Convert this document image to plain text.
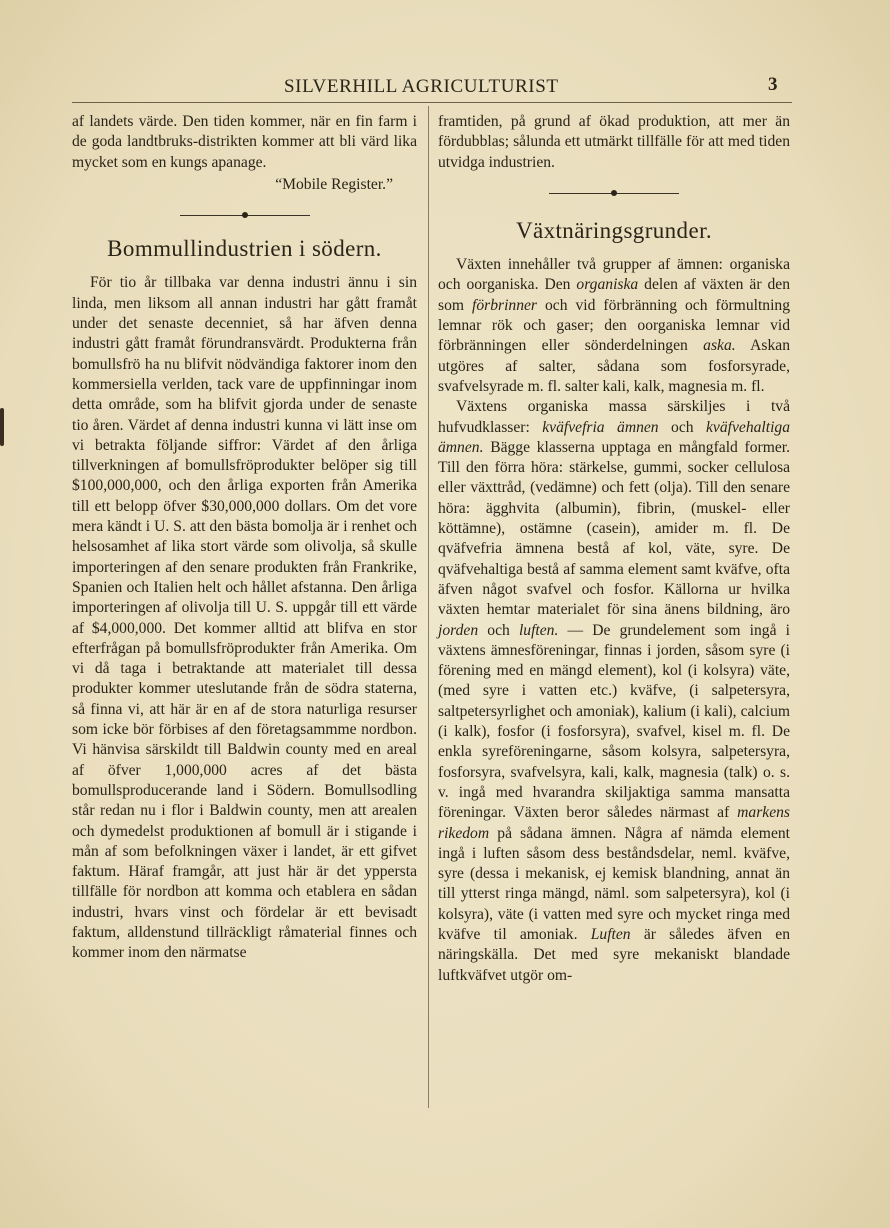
SILVERHILL AGRICULTURIST	3

af landets värde. Den tiden kommer, när en fin farm i de goda landtbruks-distrikten kommer att bli värd lika mycket som en kungs apanage.

“Mobile Register.”
Bommullindustrien i södern.

För tio år tillbaka var denna industri ännu i sin linda, men liksom all annan industri har gått framåt under det senaste decenniet, så har äfven denna industri gått framåt förundransvärdt. Produkterna från bomullsfrö ha nu blifvit nödvändiga faktorer inom den kommersiella verlden, tack vare de uppfinningar inom detta område, som ha blifvit gjorda under de senaste tio åren. Värdet af denna industri kunna vi lätt inse om vi betrakta följande siffror: Värdet af den årliga tillverkningen af bomullsfröprodukter belöper sig till $100,000,000, och den årliga exporten från Amerika till ett belopp öfver $30,000,000 dollars. Om det vore mera kändt i U. S. att den bästa bomolja är i renhet och helsosamhet af lika stort värde som olivolja, så skulle importeringen af den senare produkten från Frankrike, Spanien och Italien helt och hållet afstanna. Den årliga importeringen af olivolja till U. S. uppgår till ett värde af $4,000,000. Det kommer alltid att blifva en stor efterfrågan på bomullsfröprodukter från Amerika. Om vi då taga i betraktande att materialet till dessa produkter kommer uteslutande från de södra staterna, så finna vi, att här är en af de stora naturliga resurser som icke bör förbises af den företagsammme nordbon. Vi hänvisa särskildt till Baldwin county med en areal af öfver 1,000,000 acres af det bästa bomullsproducerande land i Södern. Bomullsodling står redan nu i flor i Baldwin county, men att arealen och dymedelst produktionen af bomull är i stigande i mån af som befolkningen växer i landet, är ett gifvet faktum. Häraf framgår, att just här är det yppersta tillfälle för nordbon att komma och etablera en sådan industri, hvars vinst och fördelar är ett bevisadt faktum, alldenstund tillräckligt råmaterial finnes och kommer inom den närmatse

framtiden, på grund af ökad produktion, att mer än fördubblas; sålunda ett utmärkt tillfälle för att med tiden utvidga industrien.

Växtnäringsgrunder.

Växten innehåller två grupper af ämnen: organiska och oorganiska. Den organiska delen af växten är den som förbrinner och vid förbränning och förmultning lemnar rök och gaser; den oorganiska lemnar vid förbränningen eller sönderdelningen aska. Askan utgöres af salter, sådana som fosforsyrade, svafvelsyrade m. fl. salter kali, kalk, magnesia m. fl.

Växtens organiska massa särskiljes i två hufvudklasser: kväfvefria ämnen och kväfvehaltiga ämnen. Bägge klasserna upptaga en mångfald former. Till den förra höra: stärkelse, gummi, socker cellulosa eller växttråd, (vedämne) och fett (olja). Till den senare höra: ägghvita (albumin), fibrin, (muskel- eller köttämne), ostämne (casein), amider m. fl. De qväfvefria ämnena bestå af kol, väte, syre. De qväfvehaltiga bestå af samma element samt kväfve, ofta äfven något svafvel och fosfor. Källorna ur hvilka växten hemtar materialet för sina änens bildning, äro jorden och luften. — De grundelement som ingå i växtens ämnesföreningar, finnas i jorden, såsom syre (i förening med en mängd element), kol (i kolsyra) väte, (med syre i vatten etc.) kväfve, (i salpetersyra, saltpetersyrlighet och amoniak), kalium (i kali), calcium (i kalk), fosfor (i fosforsyra), svafvel, kisel m. fl. De enkla syreföreningarne, såsom kolsyra, salpetersyra, fosforsyra, svafvelsyra, kali, kalk, magnesia (talk) o. s. v. ingå med hvarandra skiljaktiga samma mansatta föreningar. Växten beror således närmast af markens rikedom på sådana ämnen. Några af nämda element ingå i luften såsom dess beståndsdelar, neml. kväfve, syre (dessa i mekanisk, ej kemisk blandning, annat än till ytterst ringa mängd, näml. som salpetersyra), kol (i kolsyra), väte (i vatten med syre och mycket ringa med kväfve til amoniak. Luften är således äfven en näringskälla. Det med syre mekaniskt blandade luftkväfvet utgör om-
